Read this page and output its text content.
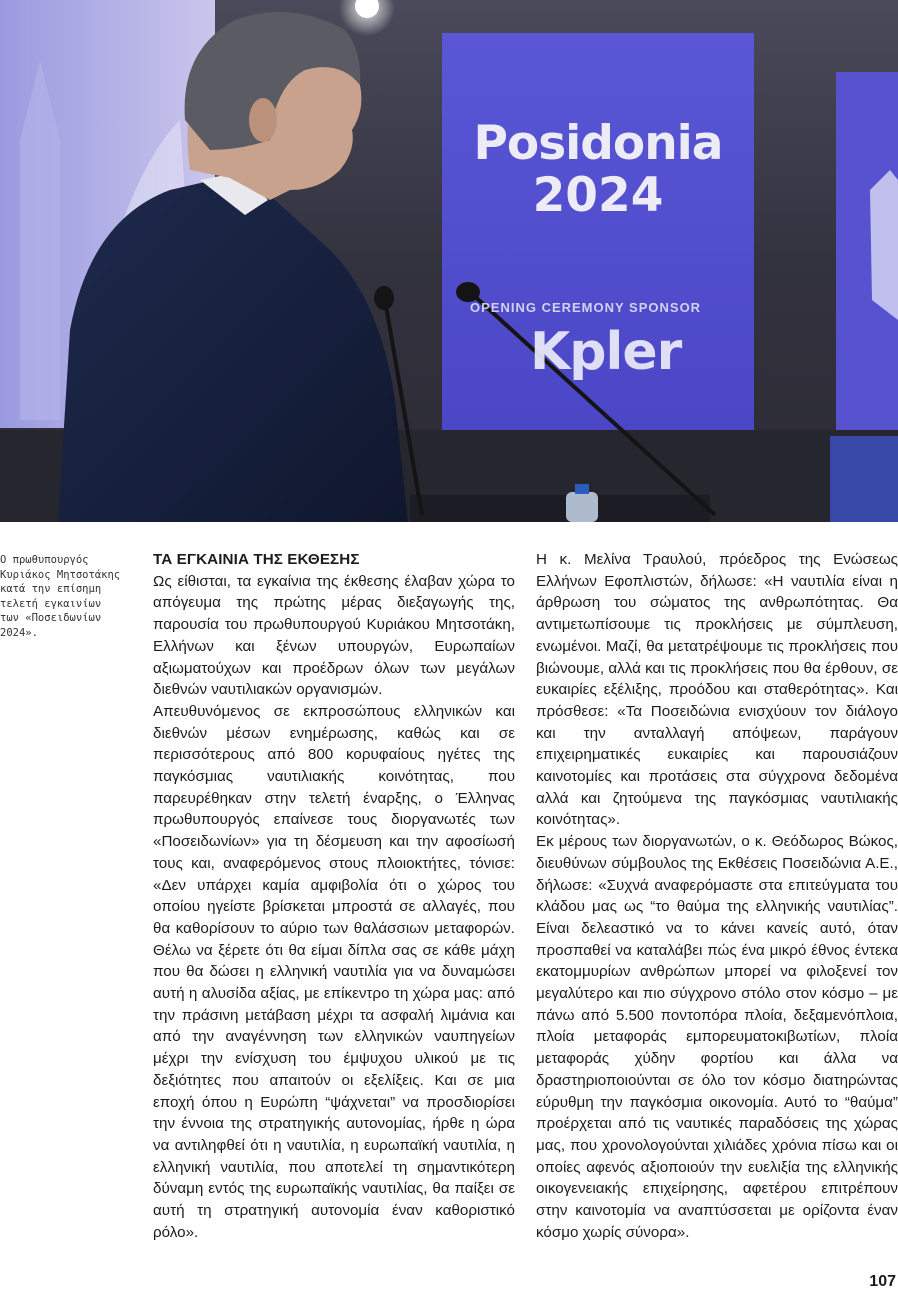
Posidonia
2024
OPENING CEREMONY SPONSOR
Kpler
Ο πρωθυπουργός
Κυριάκος Μητσοτάκης
κατά την επίσημη
τελετή εγκαινίων
των «Ποσειδωνίων
2024».
ΤΑ ΕΓΚΑΙΝΙΑ ΤΗΣ ΕΚΘΕΣΗΣ

Ως είθισται, τα εγκαίνια της έκθεσης έλαβαν χώρα το απόγευμα της πρώτης μέρας διεξαγωγής της, παρουσία του πρωθυπουργού Κυριάκου Μητσοτάκη, Ελλήνων και ξένων υπουργών, Ευρωπαίων αξιωματούχων και προέδρων όλων των μεγάλων διεθνών ναυτιλιακών οργανισμών.

Απευθυνόμενος σε εκπροσώπους ελληνικών και διεθνών μέσων ενημέρωσης, καθώς και σε περισσότερους από 800 κορυφαίους ηγέτες της παγκόσμιας ναυτιλιακής κοινότητας, που παρευρέθηκαν στην τελετή έναρξης, ο Έλληνας πρωθυπουργός επαίνεσε τους διοργανωτές των «Ποσειδωνίων» για τη δέσμευση και την αφοσίωσή τους και, αναφερόμενος στους πλοιοκτήτες, τόνισε: «Δεν υπάρχει καμία αμφιβολία ότι ο χώρος του οποίου ηγείστε βρίσκεται μπροστά σε αλλαγές, που θα καθορίσουν το αύριο των θαλάσσιων μεταφορών. Θέλω να ξέρετε ότι θα είμαι δίπλα σας σε κάθε μάχη που θα δώσει η ελληνική ναυτιλία για να δυναμώσει αυτή η αλυσίδα αξίας, με επίκεντρο τη χώρα μας: από την πράσινη μετάβαση μέχρι τα ασφαλή λιμάνια και από την αναγέννηση των ελληνικών ναυπηγείων μέχρι την ενίσχυση του έμψυχου υλικού με τις δεξιότητες που απαιτούν οι εξελίξεις. Και σε μια εποχή όπου η Ευρώπη “ψάχνεται” να προσδιορίσει την έννοια της στρατηγικής αυτονομίας, ήρθε η ώρα να αντιληφθεί ότι η ναυτιλία, η ευρωπαϊκή ναυτιλία, η ελληνική ναυτιλία, που αποτελεί τη σημαντικότερη δύναμη εντός της ευρωπαϊκής ναυτιλίας, θα παίξει σε αυτή τη στρατηγική αυτονομία έναν καθοριστικό ρόλο».

Η κ. Μελίνα Τραυλού, πρόεδρος της Ενώσεως Ελλήνων Εφοπλιστών, δήλωσε: «Η ναυτιλία είναι η άρθρωση του σώματος της ανθρωπότητας. Θα αντιμετωπίσουμε τις προκλήσεις με σύμπλευση, ενωμένοι. Μαζί, θα μετατρέψουμε τις προκλήσεις που βιώνουμε, αλλά και τις προκλήσεις που θα έρθουν, σε ευκαιρίες εξέλιξης, προόδου και σταθερότητας». Και πρόσθεσε: «Τα Ποσειδώνια ενισχύουν τον διάλογο και την ανταλλαγή απόψεων, παράγουν επιχειρηματικές ευκαιρίες και παρουσιάζουν καινοτομίες και προτάσεις στα σύγχρονα δεδομένα αλλά και ζητούμενα της παγκόσμιας ναυτιλιακής κοινότητας».

Εκ μέρους των διοργανωτών, ο κ. Θεόδωρος Βώκος, διευθύνων σύμβουλος της Εκθέσεις Ποσειδώνια Α.Ε., δήλωσε: «Συχνά αναφερόμαστε στα επιτεύγματα του κλάδου μας ως “το θαύμα της ελληνικής ναυτιλίας”. Είναι δελεαστικό να το κάνει κανείς αυτό, όταν προσπαθεί να καταλάβει πώς ένα μικρό έθνος έντεκα εκατομμυρίων ανθρώπων μπορεί να φιλοξενεί τον μεγαλύτερο και πιο σύγχρονο στόλο στον κόσμο – με πάνω από 5.500 ποντοπόρα πλοία, δεξαμενόπλοια, πλοία μεταφοράς εμπορευματοκιβωτίων, πλοία μεταφοράς χύδην φορτίου και άλλα να δραστηριοποιούνται σε όλο τον κόσμο διατηρώντας εύρυθμη την παγκόσμια οικονομία. Αυτό το “θαύμα” προέρχεται από τις ναυτικές παραδόσεις της χώρας μας, που χρονολογούνται χιλιάδες χρόνια πίσω και οι οποίες αφενός αξιοποιούν την ευελιξία της ελληνικής οικογενειακής επιχείρησης, αφετέρου επιτρέπουν στην καινοτομία να αναπτύσσεται με ορίζοντα έναν κόσμο χωρίς σύνορα».

107
